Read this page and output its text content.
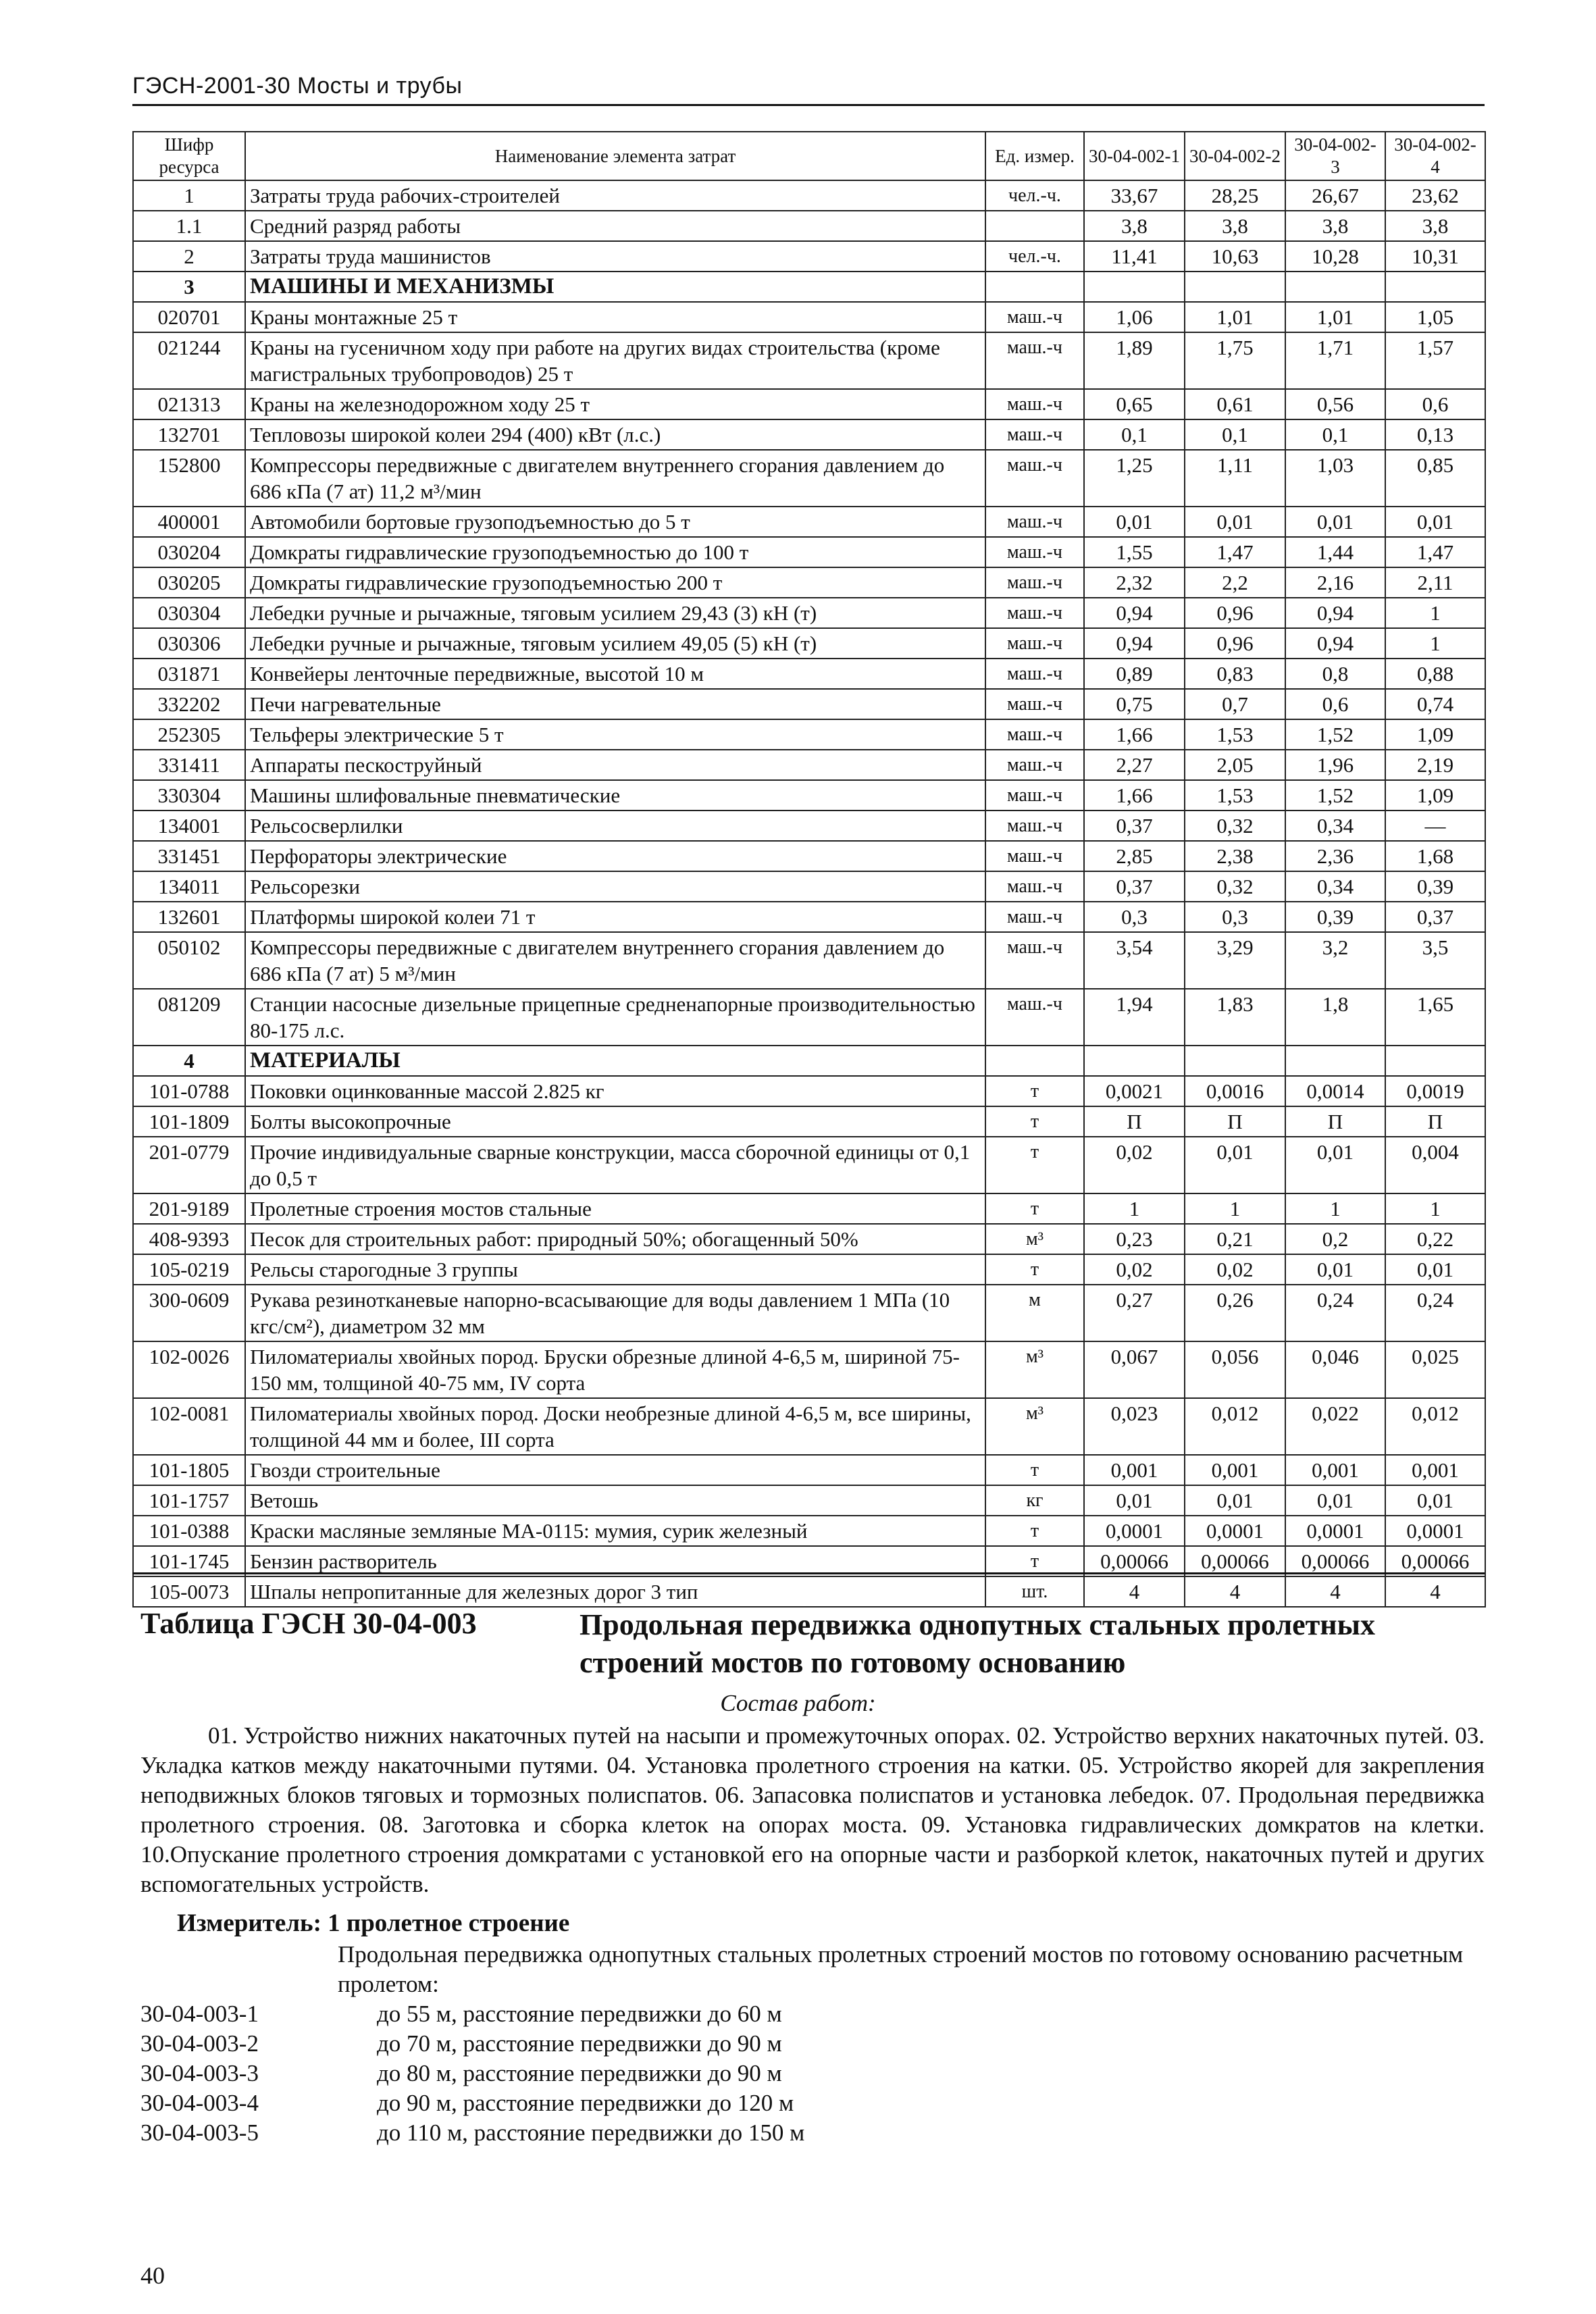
ГЭСН-2001-30 Мосты и трубы
Шифр ресурса	Наименование элемента затрат	Ед. измер.	30-04-002-1	30-04-002-2	30-04-002-3	30-04-002-4
1	Затраты труда рабочих-строителей	чел.-ч.	33,67	28,25	26,67	23,62
1.1	Средний разряд работы		3,8	3,8	3,8	3,8
2	Затраты труда машинистов	чел.-ч.	11,41	10,63	10,28	10,31
3	МАШИНЫ И МЕХАНИЗМЫ					
020701	Краны монтажные 25 т	маш.-ч	1,06	1,01	1,01	1,05
021244	Краны на гусеничном ходу при работе на других видах строительства (кроме магистральных трубопроводов) 25 т	маш.-ч	1,89	1,75	1,71	1,57
021313	Краны на железнодорожном ходу 25 т	маш.-ч	0,65	0,61	0,56	0,6
132701	Тепловозы широкой колеи 294 (400) кВт (л.с.)	маш.-ч	0,1	0,1	0,1	0,13
152800	Компрессоры передвижные с двигателем внутреннего сгорания давлением до 686 кПа (7 ат) 11,2 м³/мин	маш.-ч	1,25	1,11	1,03	0,85
400001	Автомобили бортовые грузоподъемностью до 5 т	маш.-ч	0,01	0,01	0,01	0,01
030204	Домкраты гидравлические грузоподъемностью до 100 т	маш.-ч	1,55	1,47	1,44	1,47
030205	Домкраты гидравлические грузоподъемностью 200 т	маш.-ч	2,32	2,2	2,16	2,11
030304	Лебедки ручные и рычажные, тяговым усилием 29,43 (3) кН (т)	маш.-ч	0,94	0,96	0,94	1
030306	Лебедки ручные и рычажные, тяговым усилием 49,05 (5) кН (т)	маш.-ч	0,94	0,96	0,94	1
031871	Конвейеры ленточные передвижные, высотой 10 м	маш.-ч	0,89	0,83	0,8	0,88
332202	Печи нагревательные	маш.-ч	0,75	0,7	0,6	0,74
252305	Тельферы электрические 5 т	маш.-ч	1,66	1,53	1,52	1,09
331411	Аппараты пескоструйный	маш.-ч	2,27	2,05	1,96	2,19
330304	Машины шлифовальные пневматические	маш.-ч	1,66	1,53	1,52	1,09
134001	Рельсосверлилки	маш.-ч	0,37	0,32	0,34	—
331451	Перфораторы электрические	маш.-ч	2,85	2,38	2,36	1,68
134011	Рельсорезки	маш.-ч	0,37	0,32	0,34	0,39
132601	Платформы широкой колеи 71 т	маш.-ч	0,3	0,3	0,39	0,37
050102	Компрессоры передвижные с двигателем внутреннего сгорания давлением до 686 кПа (7 ат) 5 м³/мин	маш.-ч	3,54	3,29	3,2	3,5
081209	Станции насосные дизельные прицепные средненапорные производительностью 80-175 л.с.	маш.-ч	1,94	1,83	1,8	1,65
4	МАТЕРИАЛЫ					
101-0788	Поковки оцинкованные массой 2.825 кг	т	0,0021	0,0016	0,0014	0,0019
101-1809	Болты высокопрочные	т	П	П	П	П
201-0779	Прочие индивидуальные сварные конструкции, масса сборочной единицы от 0,1 до 0,5 т	т	0,02	0,01	0,01	0,004
201-9189	Пролетные строения мостов стальные	т	1	1	1	1
408-9393	Песок для строительных работ: природный 50%; обогащенный 50%	м³	0,23	0,21	0,2	0,22
105-0219	Рельсы старогодные 3 группы	т	0,02	0,02	0,01	0,01
300-0609	Рукава резинотканевые напорно-всасывающие для воды давлением 1 МПа (10 кгс/см²), диаметром 32 мм	м	0,27	0,26	0,24	0,24
102-0026	Пиломатериалы хвойных пород. Бруски обрезные длиной 4-6,5 м, шириной 75-150 мм, толщиной 40-75 мм, IV сорта	м³	0,067	0,056	0,046	0,025
102-0081	Пиломатериалы хвойных пород. Доски необрезные длиной 4-6,5 м, все ширины, толщиной 44 мм и более, III сорта	м³	0,023	0,012	0,022	0,012
101-1805	Гвозди строительные	т	0,001	0,001	0,001	0,001
101-1757	Ветошь	кг	0,01	0,01	0,01	0,01
101-0388	Краски масляные земляные МА-0115: мумия, сурик железный	т	0,0001	0,0001	0,0001	0,0001
101-1745	Бензин растворитель	т	0,00066	0,00066	0,00066	0,00066
105-0073	Шпалы непропитанные для железных дорог 3 тип	шт.	4	4	4	4
Таблица ГЭСН 30-04-003	Продольная передвижка однопутных стальных пролетных строений мостов по готовому основанию
Состав работ:

01. Устройство нижних накаточных путей на насыпи и промежуточных опорах. 02. Устройство верхних накаточных путей. 03. Укладка катков между накаточными путями. 04. Установка пролетного строения на катки. 05. Устройство якорей для закрепления неподвижных блоков тяговых и тормозных полиспатов. 06. Запасовка полиспатов и установка лебедок. 07. Продольная передвижка пролетного строения. 08. Заготовка и сборка клеток на опорах моста. 09. Установка гидравлических домкратов на клетки. 10.Опускание пролетного строения домкратами с установкой его на опорные части и разборкой клеток, накаточных путей и других вспомогательных устройств.

Измеритель: 1 пролетное строение

Продольная передвижка однопутных стальных пролетных строений мостов по готовому основанию расчетным пролетом:

30-04-003-1	до 55 м, расстояние передвижки до 60 м
30-04-003-2	до 70 м, расстояние передвижки до 90 м
30-04-003-3	до 80 м, расстояние передвижки до 90 м
30-04-003-4	до 90 м, расстояние передвижки до 120 м
30-04-003-5	до 110 м, расстояние передвижки до 150 м
40
